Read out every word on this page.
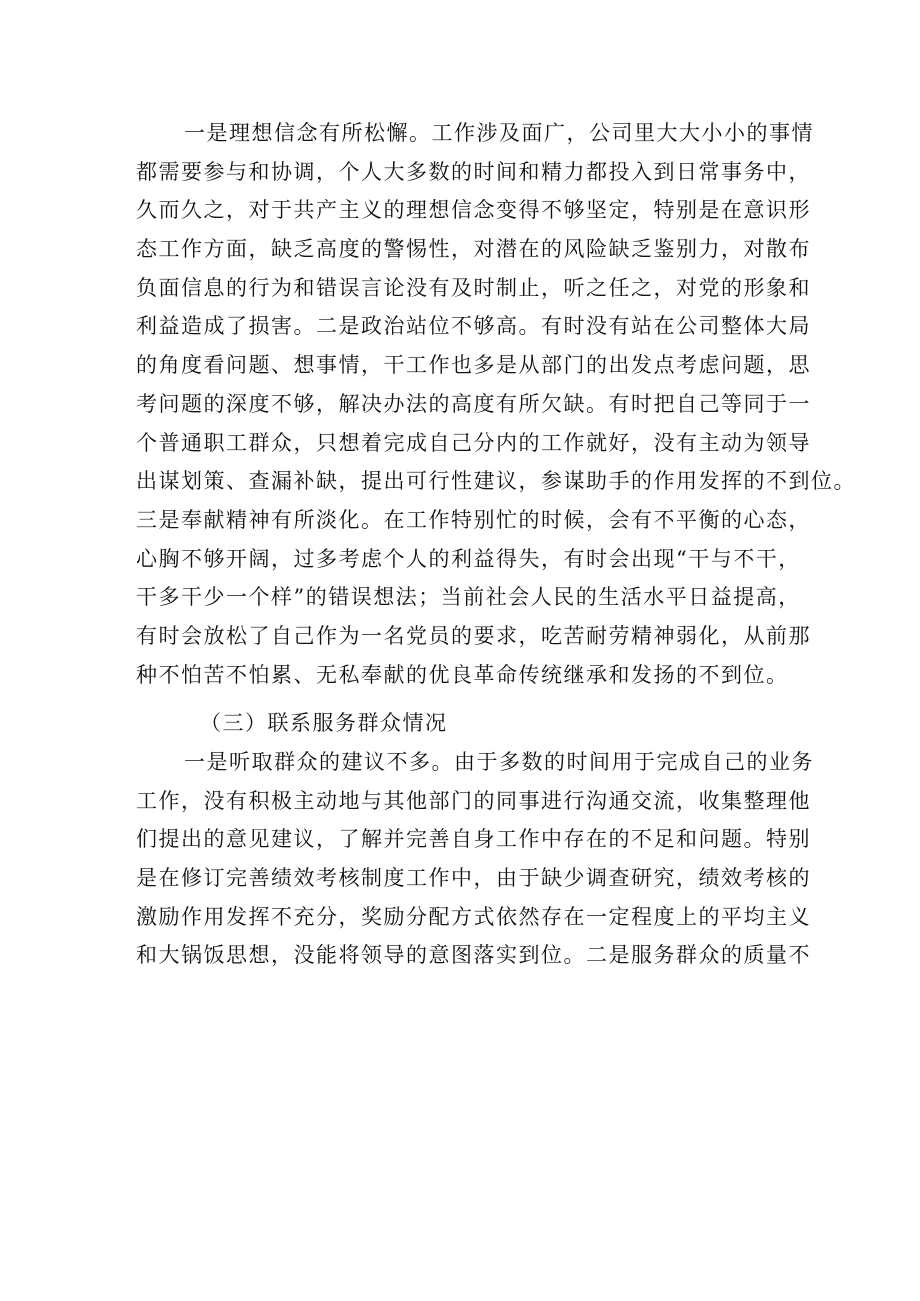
一是理想信念有所松懈。工作涉及面广，公司里大大小小的事情
都需要参与和协调，个人大多数的时间和精力都投入到日常事务中，
久而久之，对于共产主义的理想信念变得不够坚定，特别是在意识形
态工作方面，缺乏高度的警惕性，对潜在的风险缺乏鉴别力，对散布
负面信息的行为和错误言论没有及时制止，听之任之，对党的形象和
利益造成了损害。二是政治站位不够高。有时没有站在公司整体大局
的角度看问题、想事情，干工作也多是从部门的出发点考虑问题，思
考问题的深度不够，解决办法的高度有所欠缺。有时把自己等同于一
个普通职工群众，只想着完成自己分内的工作就好，没有主动为领导
出谋划策、查漏补缺，提出可行性建议，参谋助手的作用发挥的不到位。
三是奉献精神有所淡化。在工作特别忙的时候，会有不平衡的心态，
心胸不够开阔，过多考虑个人的利益得失，有时会出现“干与不干，
干多干少一个样”的错误想法；当前社会人民的生活水平日益提高，
有时会放松了自己作为一名党员的要求，吃苦耐劳精神弱化，从前那
种不怕苦不怕累、无私奉献的优良革命传统继承和发扬的不到位。
（三）联系服务群众情况
一是听取群众的建议不多。由于多数的时间用于完成自己的业务
工作，没有积极主动地与其他部门的同事进行沟通交流，收集整理他
们提出的意见建议，了解并完善自身工作中存在的不足和问题。特别
是在修订完善绩效考核制度工作中，由于缺少调查研究，绩效考核的
激励作用发挥不充分，奖励分配方式依然存在一定程度上的平均主义
和大锅饭思想，没能将领导的意图落实到位。二是服务群众的质量不
